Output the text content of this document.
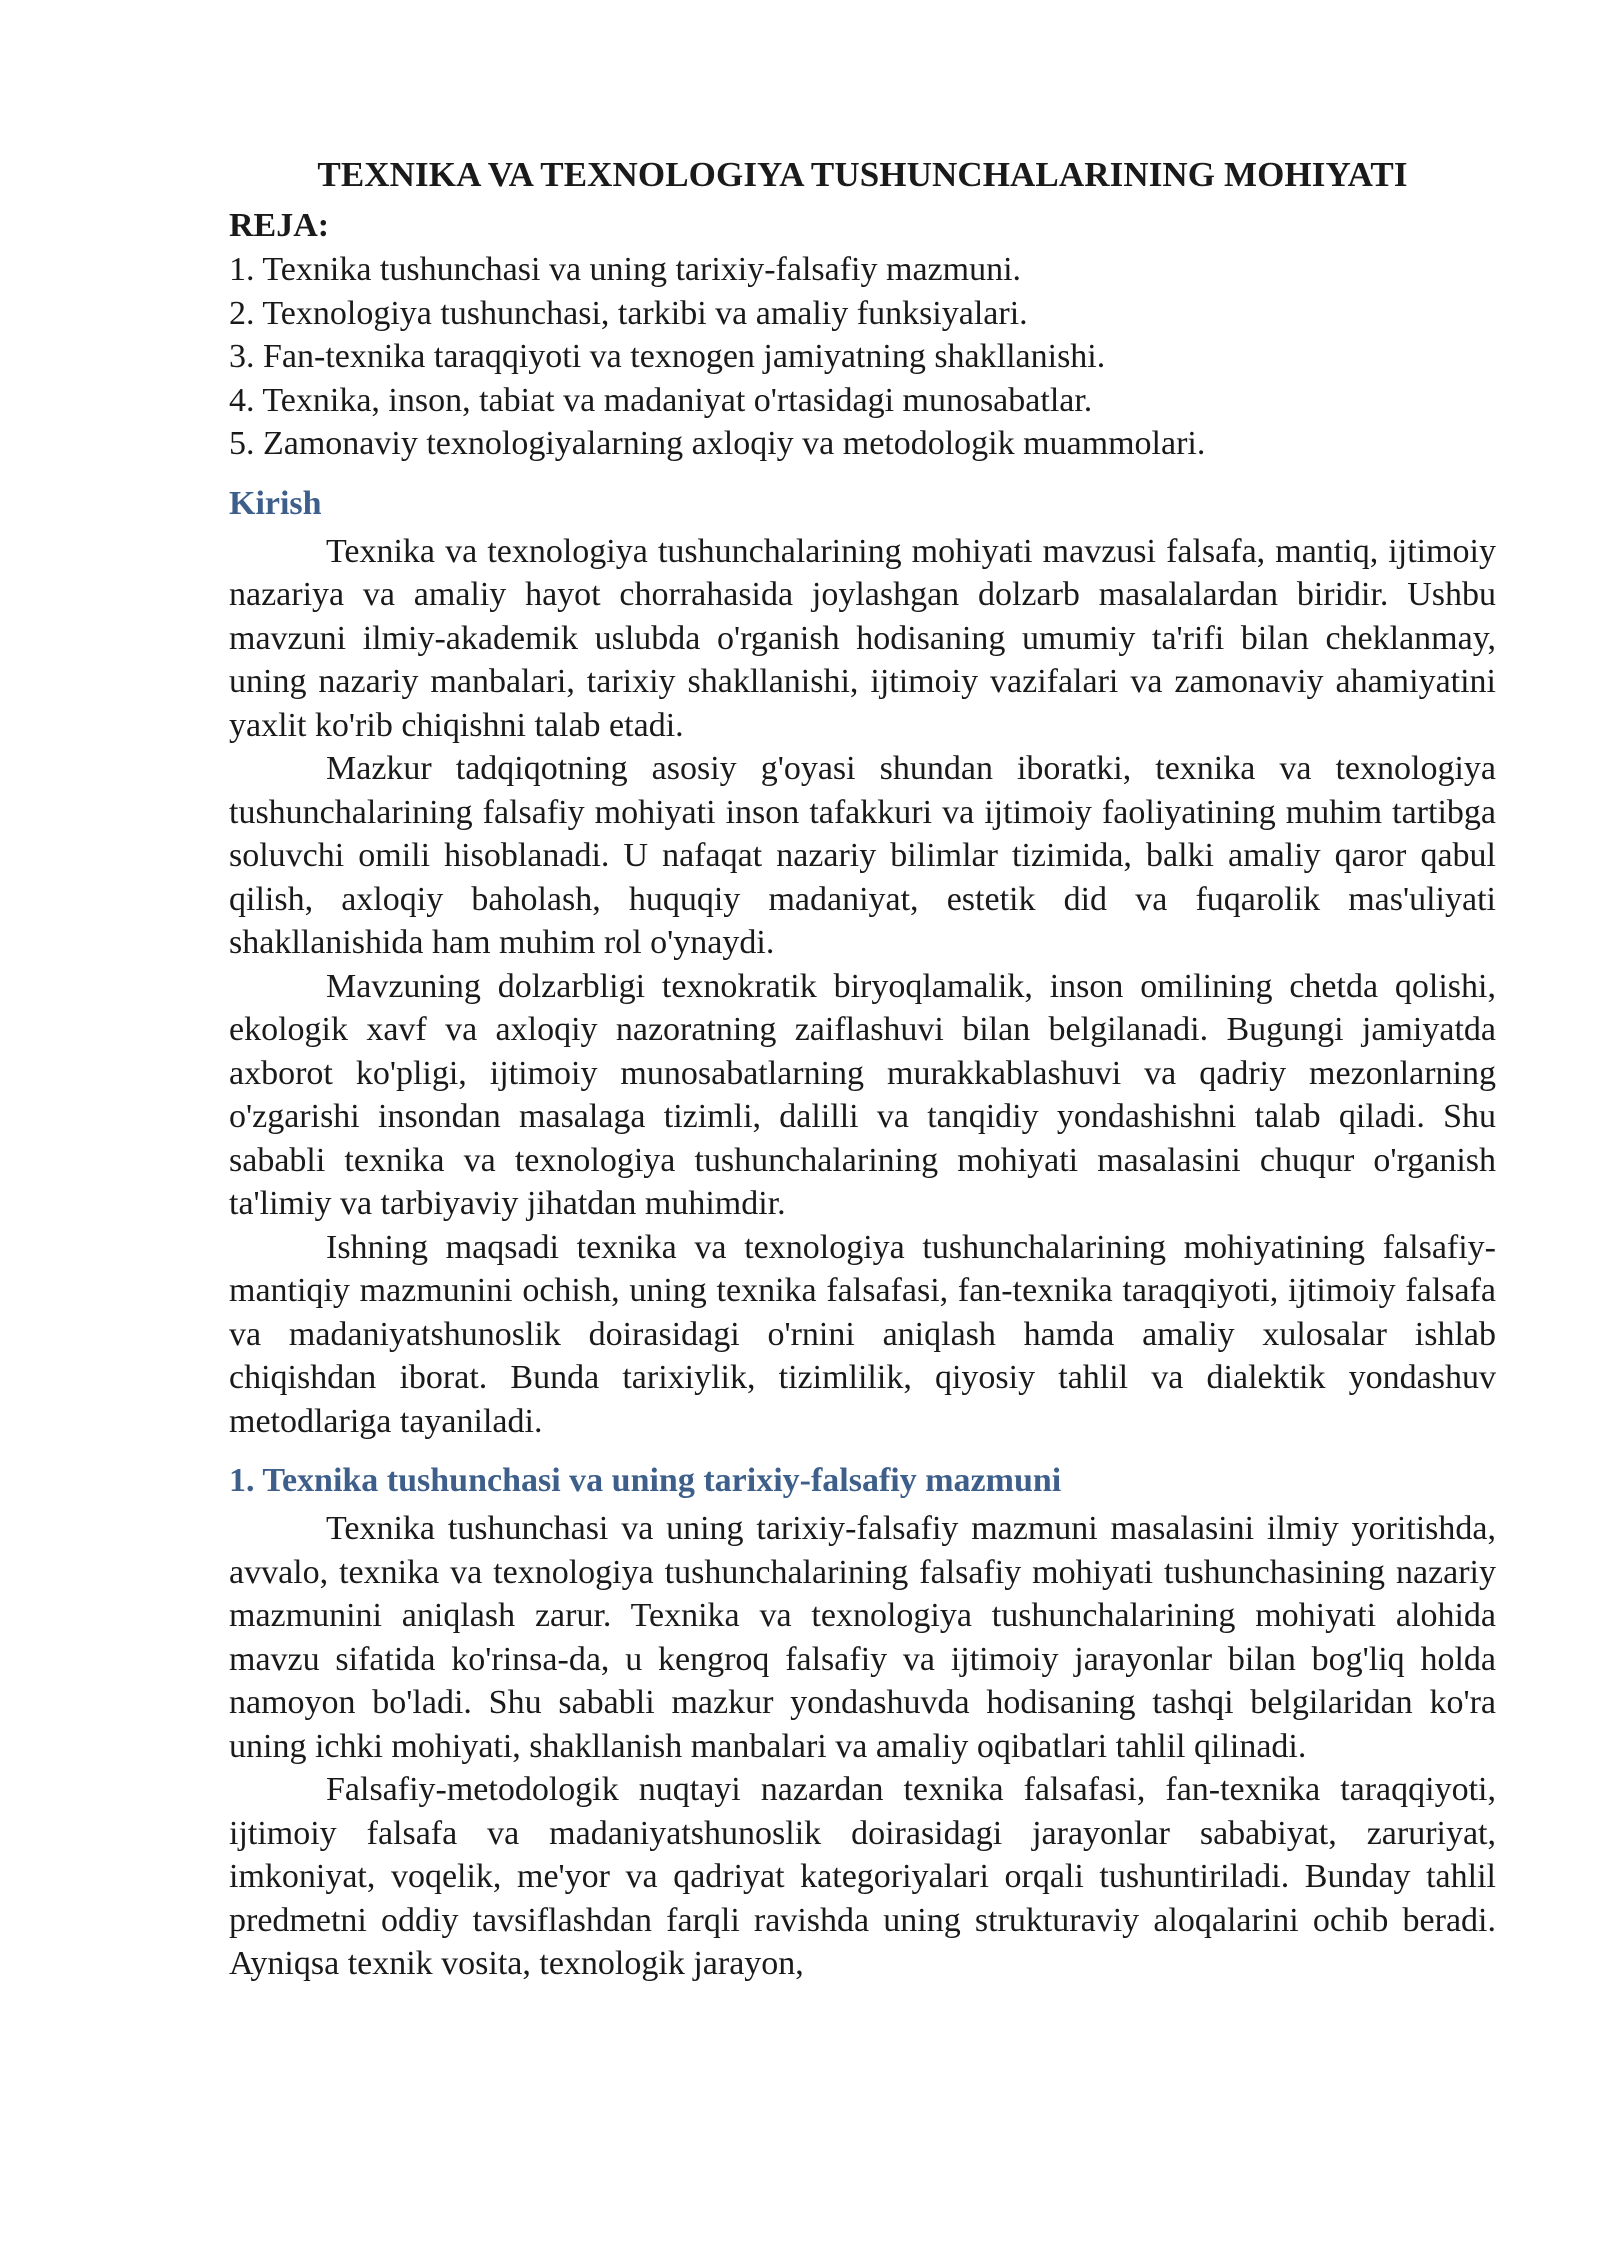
TEXNIKA VA TEXNOLOGIYA TUSHUNCHALARINING MOHIYATI
REJA:
1. Texnika tushunchasi va uning tarixiy-falsafiy mazmuni.
2. Texnologiya tushunchasi, tarkibi va amaliy funksiyalari.
3. Fan-texnika taraqqiyoti va texnogen jamiyatning shakllanishi.
4. Texnika, inson, tabiat va madaniyat o'rtasidagi munosabatlar.
5. Zamonaviy texnologiyalarning axloqiy va metodologik muammolari.
Kirish

Texnika va texnologiya tushunchalarining mohiyati mavzusi falsafa, mantiq, ijtimoiy nazariya va amaliy hayot chorrahasida joylashgan dolzarb masalalardan biridir. Ushbu mavzuni ilmiy-akademik uslubda o'rganish hodisaning umumiy ta'rifi bilan cheklanmay, uning nazariy manbalari, tarixiy shakllanishi, ijtimoiy vazifalari va zamonaviy ahamiyatini yaxlit ko'rib chiqishni talab etadi.

Mazkur tadqiqotning asosiy g'oyasi shundan iboratki, texnika va texnologiya tushunchalarining falsafiy mohiyati inson tafakkuri va ijtimoiy faoliyatining muhim tartibga soluvchi omili hisoblanadi. U nafaqat nazariy bilimlar tizimida, balki amaliy qaror qabul qilish, axloqiy baholash, huquqiy madaniyat, estetik did va fuqarolik mas'uliyati shakllanishida ham muhim rol o'ynaydi.

Mavzuning dolzarbligi texnokratik biryoqlamalik, inson omilining chetda qolishi, ekologik xavf va axloqiy nazoratning zaiflashuvi bilan belgilanadi. Bugungi jamiyatda axborot ko'pligi, ijtimoiy munosabatlarning murakkablashuvi va qadriy mezonlarning o'zgarishi insondan masalaga tizimli, dalilli va tanqidiy yondashishni talab qiladi. Shu sababli texnika va texnologiya tushunchalarining mohiyati masalasini chuqur o'rganish ta'limiy va tarbiyaviy jihatdan muhimdir.

Ishning maqsadi texnika va texnologiya tushunchalarining mohiyatining falsafiy-mantiqiy mazmunini ochish, uning texnika falsafasi, fan-texnika taraqqiyoti, ijtimoiy falsafa va madaniyatshunoslik doirasidagi o'rnini aniqlash hamda amaliy xulosalar ishlab chiqishdan iborat. Bunda tarixiylik, tizimlilik, qiyosiy tahlil va dialektik yondashuv metodlariga tayaniladi.

1. Texnika tushunchasi va uning tarixiy-falsafiy mazmuni

Texnika tushunchasi va uning tarixiy-falsafiy mazmuni masalasini ilmiy yoritishda, avvalo, texnika va texnologiya tushunchalarining falsafiy mohiyati tushunchasining nazariy mazmunini aniqlash zarur. Texnika va texnologiya tushunchalarining mohiyati alohida mavzu sifatida ko'rinsa-da, u kengroq falsafiy va ijtimoiy jarayonlar bilan bog'liq holda namoyon bo'ladi. Shu sababli mazkur yondashuvda hodisaning tashqi belgilaridan ko'ra uning ichki mohiyati, shakllanish manbalari va amaliy oqibatlari tahlil qilinadi.

Falsafiy-metodologik nuqtayi nazardan texnika falsafasi, fan-texnika taraqqiyoti, ijtimoiy falsafa va madaniyatshunoslik doirasidagi jarayonlar sababiyat, zaruriyat, imkoniyat, voqelik, me'yor va qadriyat kategoriyalari orqali tushuntiriladi. Bunday tahlil predmetni oddiy tavsiflashdan farqli ravishda uning strukturaviy aloqalarini ochib beradi. Ayniqsa texnik vosita, texnologik jarayon,
